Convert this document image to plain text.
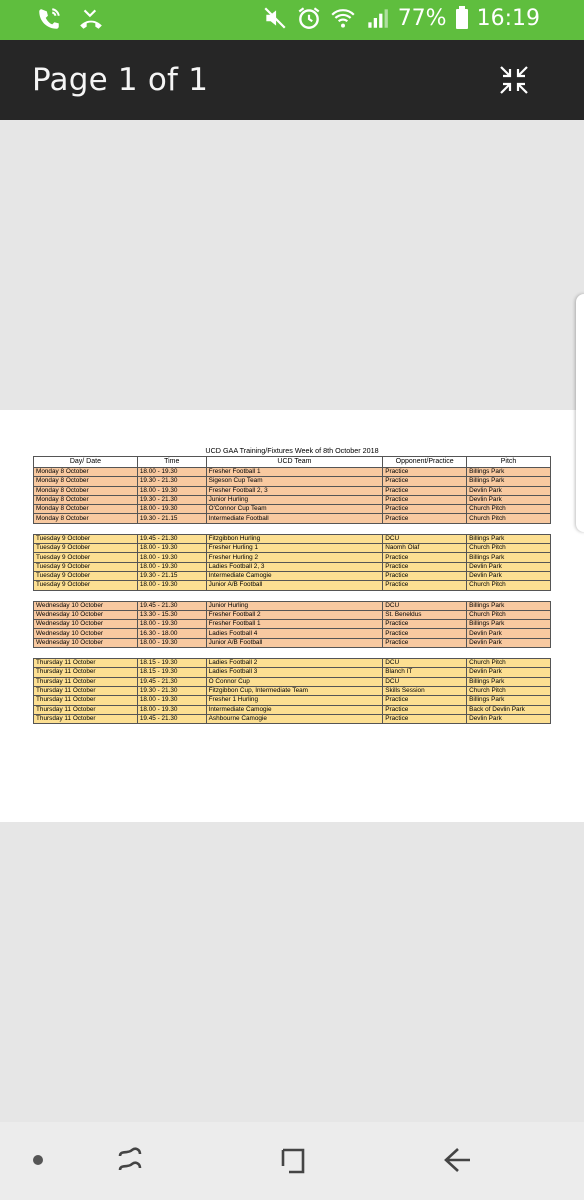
77% 16:19
Page 1 of 1
UCD GAA Training/Fixtures Week of 8th October 2018				
Day/ Date	Time	UCD Team	Opponent/Practice	Pitch
Monday 8 October	18.00 - 19.30	Fresher Football 1	Practice	Billings Park
Monday 8 October	19.30 - 21.30	Sigeson Cup Team	Practice	Billings Park
Monday 8 October	18.00 - 19.30	Fresher Football 2, 3	Practice	Devlin Park
Monday 8 October	19.30 - 21.30	Junior Hurling	Practice	Devlin Park
Monday 8 October	18.00 - 19.30	O'Connor Cup Team	Practice	Church Pitch
Monday 8 October	19.30 - 21.15	Intermediate Football	Practice	Church Pitch

Tuesday 9 October	19.45 - 21.30	Fitzgibbon Hurling	DCU	Billings Park
Tuesday 9 October	18.00 - 19.30	Fresher Hurling 1	Naomh Olaf	Church Pitch
Tuesday 9 October	18.00 - 19.30	Fresher Hurling 2	Practice	Billings Park
Tuesday 9 October	18.00 - 19.30	Ladies Football 2, 3	Practice	Devlin Park
Tuesday 9 October	19.30 - 21.15	Intermediate Camogie	Practice	Devlin Park
Tuesday 9 October	18.00 - 19.30	Junior A/B Football	Practice	Church Pitch

Wednesday 10 October	19.45 - 21.30	Junior Hurling	DCU	Billings Park
Wednesday 10 October	13.30 - 15.30	Fresher Football 2	St. Beneldus	Church Pitch
Wednesday 10 October	18.00 - 19.30	Fresher Football 1	Practice	Billings Park
Wednesday 10 October	16.30 - 18.00	Ladies Football 4	Practice	Devlin Park
Wednesday 10 October	18.00 - 19.30	Junior A/B Football	Practice	Devlin Park

Thursday 11 October	18.15 - 19.30	Ladies Football 2	DCU	Church Pitch
Thursday 11 October	18.15 - 19.30	Ladies Football 3	Blanch IT	Devlin Park
Thursday 11 October	19.45 - 21.30	O Connor Cup	DCU	Billings Park
Thursday 11 October	19.30 - 21.30	Fitzgibbon Cup, Intermediate Team	Skills Session	Church Pitch
Thursday 11 October	18.00 - 19.30	Fresher 1 Hurling	Practice	Billings Park
Thursday 11 October	18.00 - 19.30	Intermediate Camogie	Practice	Back of Devlin Park
Thursday 11 October	19.45 - 21.30	Ashbourne Camogie	Practice	Devlin Park
